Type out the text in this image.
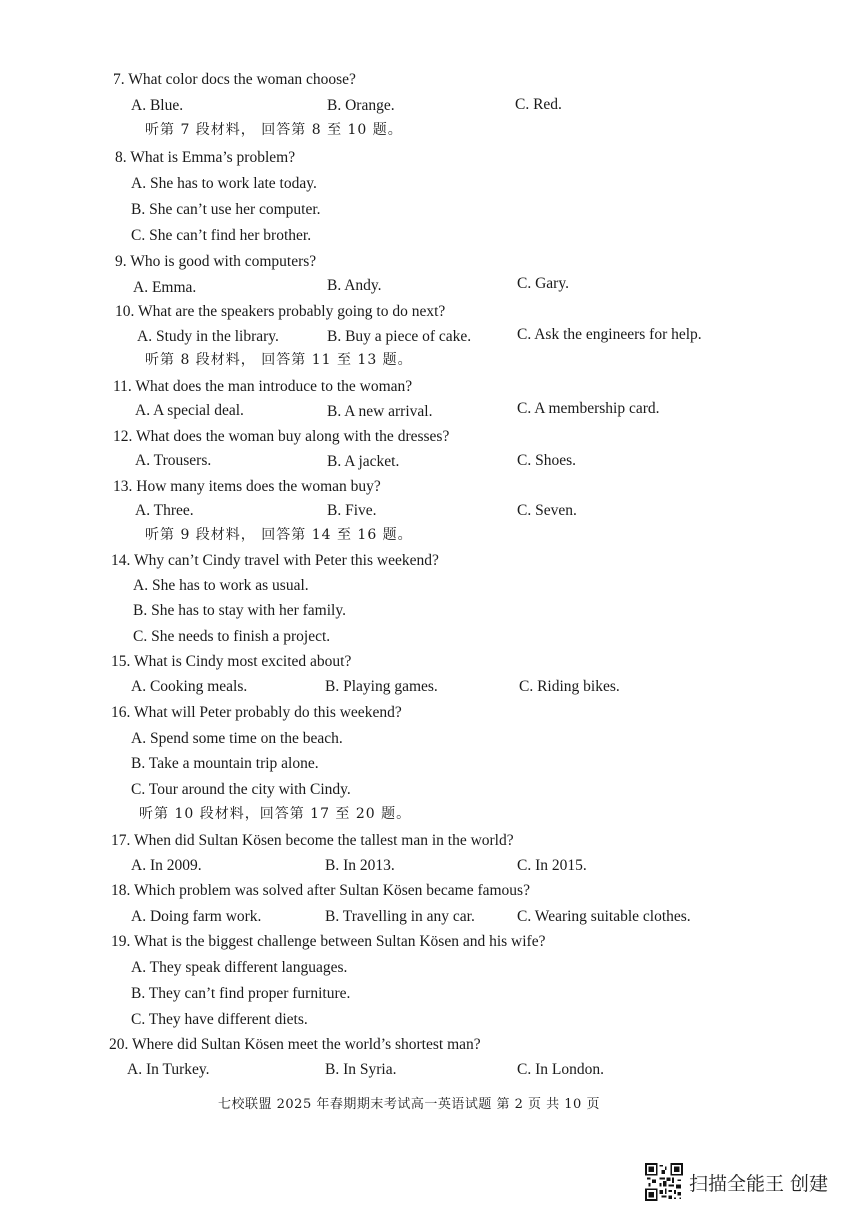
7. What color docs the woman choose?
A. Blue.	B. Orange.	C. Red.
听第 7 段材料， 回答第 8 至 10 题。
8. What is Emma’s problem?
A. She has to work late today.
B. She can’t use her computer.
C. She can’t find her brother.
9. Who is good with computers?
A. Emma.	B. Andy.	C. Gary.
10. What are the speakers probably going to do next?
A. Study in the library.	B. Buy a piece of cake.	C. Ask the engineers for help.
听第 8 段材料， 回答第 11 至 13 题。
11. What does the man introduce to the woman?
A. A special deal.	B. A new arrival.	C. A membership card.
12. What does the woman buy along with the dresses?
A. Trousers.	B. A jacket.	C. Shoes.
13. How many items does the woman buy?
A. Three.	B. Five.	C. Seven.
听第 9 段材料， 回答第 14 至 16 题。
14. Why can’t Cindy travel with Peter this weekend?
A. She has to work as usual.
B. She has to stay with her family.
C. She needs to finish a project.
15. What is Cindy most excited about?
A. Cooking meals.	B. Playing games.	C. Riding bikes.
16. What will Peter probably do this weekend?
A. Spend some time on the beach.
B. Take a mountain trip alone.
C. Tour around the city with Cindy.
听第 10 段材料，回答第 17 至 20 题。
17. When did Sultan Kösen become the tallest man in the world?
A. In 2009.	B. In 2013.	C. In 2015.
18. Which problem was solved after Sultan Kösen became famous?
A. Doing farm work.	B. Travelling in any car.	C. Wearing suitable clothes.
19. What is the biggest challenge between Sultan Kösen and his wife?
A. They speak different languages.
B. They can’t find proper furniture.
C. They have different diets.
20. Where did Sultan Kösen meet the world’s shortest man?
A. In Turkey.	B. In Syria.	C. In London.
七校联盟 2025 年春期期末考试高一英语试题 第 2 页 共 10 页
扫描全能王 创建
